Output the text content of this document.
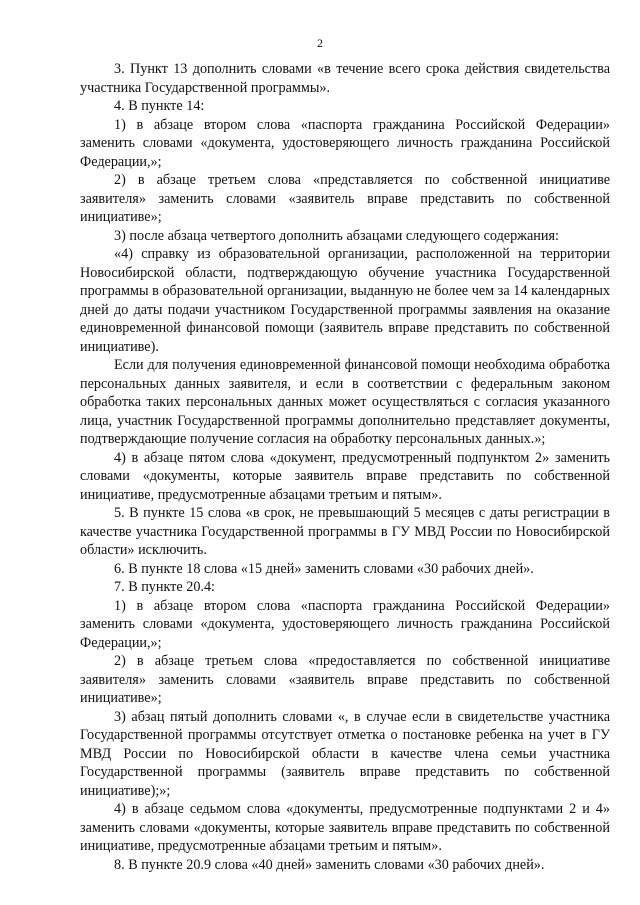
2

3. Пункт 13 дополнить словами «в течение всего срока действия свидетельства участника Государственной программы».

4. В пункте 14:

1) в абзаце втором слова «паспорта гражданина Российской Федерации» заменить словами «документа, удостоверяющего личность гражданина Российской Федерации,»;

2) в абзаце третьем слова «представляется по собственной инициативе заявителя» заменить словами «заявитель вправе представить по собственной инициативе»;

3) после абзаца четвертого дополнить абзацами следующего содержания:

«4) справку из образовательной организации, расположенной на территории Новосибирской области, подтверждающую обучение участника Государственной программы в образовательной организации, выданную не более чем за 14 календарных дней до даты подачи участником Государственной программы заявления на оказание единовременной финансовой помощи (заявитель вправе представить по собственной инициативе).

Если для получения единовременной финансовой помощи необходима обработка персональных данных заявителя, и если в соответствии с федеральным законом обработка таких персональных данных может осуществляться с согласия указанного лица, участник Государственной программы дополнительно представляет документы, подтверждающие получение согласия на обработку персональных данных.»;

4) в абзаце пятом слова «документ, предусмотренный подпунктом 2» заменить словами «документы, которые заявитель вправе представить по собственной инициативе, предусмотренные абзацами третьим и пятым».

5. В пункте 15 слова «в срок, не превышающий 5 месяцев с даты регистрации в качестве участника Государственной программы в ГУ МВД России по Новосибирской области» исключить.

6. В пункте 18 слова «15 дней» заменить словами «30 рабочих дней».

7. В пункте 20.4:

1) в абзаце втором слова «паспорта гражданина Российской Федерации» заменить словами «документа, удостоверяющего личность гражданина Российской Федерации,»;

2) в абзаце третьем слова «предоставляется по собственной инициативе заявителя» заменить словами «заявитель вправе представить по собственной инициативе»;

3) абзац пятый дополнить словами «, в случае если в свидетельстве участника Государственной программы отсутствует отметка о постановке ребенка на учет в ГУ МВД России по Новосибирской области в качестве члена семьи участника Государственной программы (заявитель вправе представить по собственной инициативе);»;

4) в абзаце седьмом слова «документы, предусмотренные подпунктами 2 и 4» заменить словами «документы, которые заявитель вправе представить по собственной инициативе, предусмотренные абзацами третьим и пятым».

8. В пункте 20.9 слова «40 дней» заменить словами «30 рабочих дней».
